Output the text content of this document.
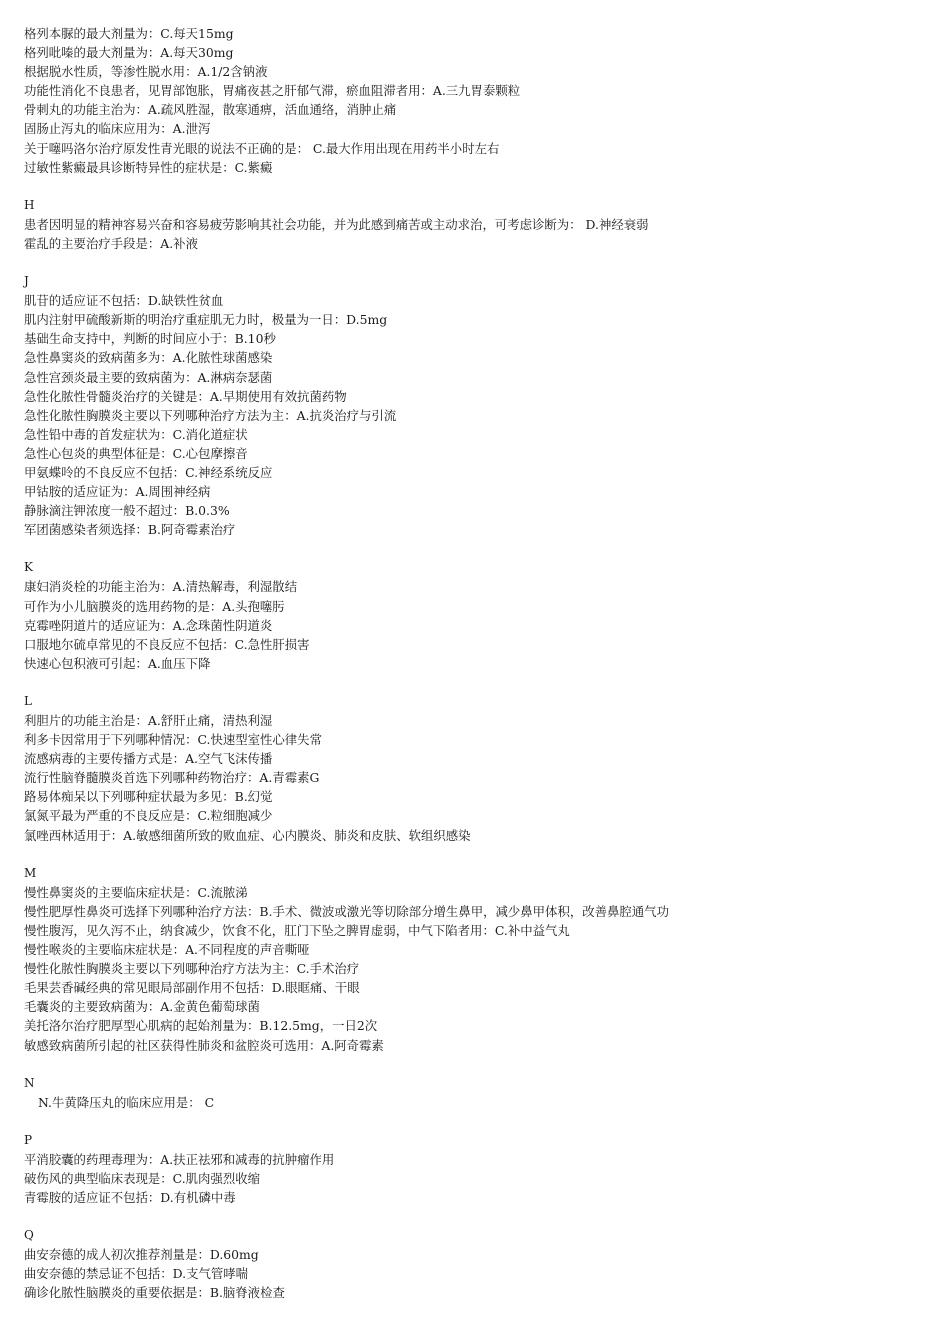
格列本脲的最大剂量为：C.每天15mg
格列吡嗪的最大剂量为：A.每天30mg
根据脱水性质，等渗性脱水用：A.1/2含钠液
功能性消化不良患者，见胃部饱胀，胃痛夜甚之肝郁气滞，瘀血阻滞者用：A.三九胃泰颗粒
骨刺丸的功能主治为：A.疏风胜湿，散寒通痹，活血通络，消肿止痛
固肠止泻丸的临床应用为：A.泄泻
关于噻吗洛尔治疗原发性青光眼的说法不正确的是： C.最大作用出现在用药半小时左右
过敏性紫癜最具诊断特异性的症状是：C.紫癜
H
患者因明显的精神容易兴奋和容易疲劳影响其社会功能，并为此感到痛苦或主动求治，可考虑诊断为： D.神经衰弱
霍乱的主要治疗手段是：A.补液
J
肌苷的适应证不包括：D.缺铁性贫血
肌内注射甲硫酸新斯的明治疗重症肌无力时，极量为一日：D.5mg
基础生命支持中，判断的时间应小于：B.10秒
急性鼻窦炎的致病菌多为：A.化脓性球菌感染
急性宫颈炎最主要的致病菌为：A.淋病奈瑟菌
急性化脓性骨髓炎治疗的关键是：A.早期使用有效抗菌药物
急性化脓性胸膜炎主要以下列哪种治疗方法为主：A.抗炎治疗与引流
急性铅中毒的首发症状为：C.消化道症状
急性心包炎的典型体征是：C.心包摩擦音
甲氨蝶呤的不良反应不包括：C.神经系统反应
甲钴胺的适应证为：A.周围神经病
静脉滴注钾浓度一般不超过：B.0.3%
军团菌感染者须选择：B.阿奇霉素治疗
K
康妇消炎栓的功能主治为：A.清热解毒，利湿散结
可作为小儿脑膜炎的选用药物的是：A.头孢噻肟
克霉唑阴道片的适应证为：A.念珠菌性阴道炎
口服地尔硫卓常见的不良反应不包括：C.急性肝损害
快速心包积液可引起：A.血压下降
L
利胆片的功能主治是：A.舒肝止痛，清热利湿
利多卡因常用于下列哪种情况：C.快速型室性心律失常
流感病毒的主要传播方式是：A.空气飞沫传播
流行性脑脊髓膜炎首选下列哪种药物治疗：A.青霉素G
路易体痴呆以下列哪种症状最为多见：B.幻觉
氯氮平最为严重的不良反应是：C.粒细胞减少
氯唑西林适用于：A.敏感细菌所致的败血症、心内膜炎、肺炎和皮肤、软组织感染
M
慢性鼻窦炎的主要临床症状是：C.流脓涕
慢性肥厚性鼻炎可选择下列哪种治疗方法：B.手术、微波或激光等切除部分增生鼻甲，减少鼻甲体积，改善鼻腔通气功
慢性腹泻，见久泻不止，纳食减少，饮食不化，肛门下坠之脾胃虚弱，中气下陷者用：C.补中益气丸
慢性喉炎的主要临床症状是：A.不同程度的声音嘶哑
慢性化脓性胸膜炎主要以下列哪种治疗方法为主：C.手术治疗
毛果芸香碱经典的常见眼局部副作用不包括：D.眼眶痛、干眼
毛囊炎的主要致病菌为：A.金黄色葡萄球菌
美托洛尔治疗肥厚型心肌病的起始剂量为：B.12.5mg，一日2次
敏感致病菌所引起的社区获得性肺炎和盆腔炎可选用：A.阿奇霉素
N
N.牛黄降压丸的临床应用是： C
P
平消胶囊的药理毒理为：A.扶正祛邪和减毒的抗肿瘤作用
破伤风的典型临床表现是：C.肌肉强烈收缩
青霉胺的适应证不包括：D.有机磷中毒
Q
曲安奈德的成人初次推荐剂量是：D.60mg
曲安奈德的禁忌证不包括：D.支气管哮喘
确诊化脓性脑膜炎的重要依据是：B.脑脊液检查
